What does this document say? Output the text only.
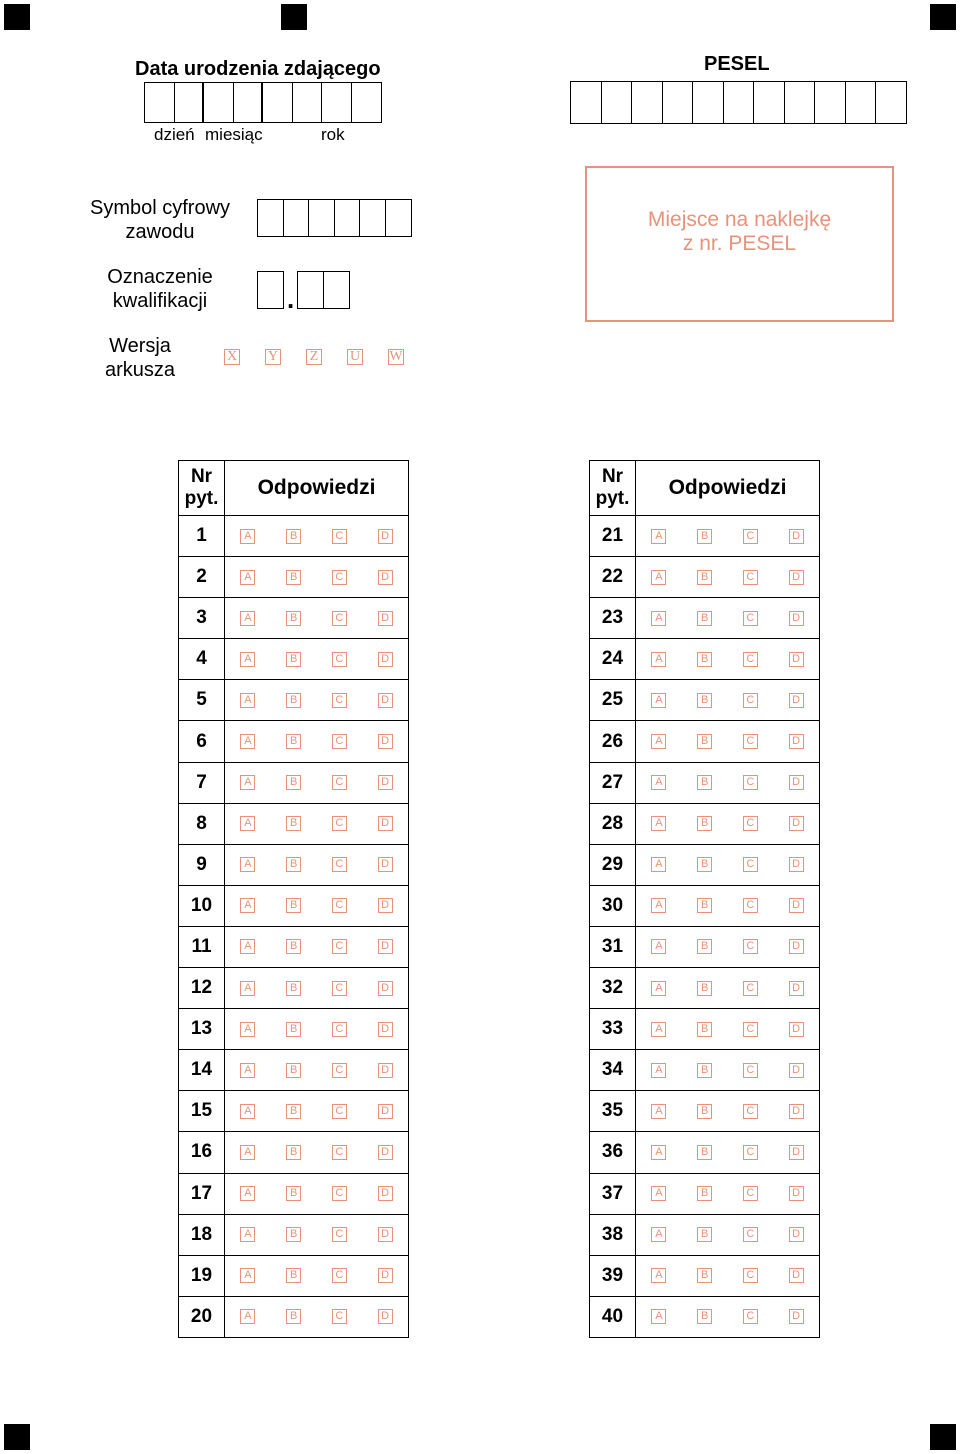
Data urodzenia zdającego
dzień miesiąc	rok
PESEL
Symbol cyfrowy
zawodu
Oznaczenie
kwalifikacji	.
Miejsce na naklejkę
z nr. PESEL
Wersja
arkusza
X Y Z U W
Nr
pyt.	Odpowiedzi
1	A B C D

2	A B C D

3	A B C D

4	A B C D

5	A B C D

6	A B C D

7	A B C D

8	A B C D

9	A B C D

10	A B C D

11	A B C D

12	A B C D

13	A B C D

14	A B C D

15	A B C D

16	A B C D

17	A B C D

18	A B C D

19	A B C D

20	A B C D
Nr
pyt.	Odpowiedzi
21	A B C D

22	A B C D

23	A B C D

24	A B C D

25	A B C D

26	A B C D

27	A B C D

28	A B C D

29	A B C D

30	A B C D

31	A B C D

32	A B C D

33	A B C D

34	A B C D

35	A B C D

36	A B C D

37	A B C D

38	A B C D

39	A B C D

40	A B C D
